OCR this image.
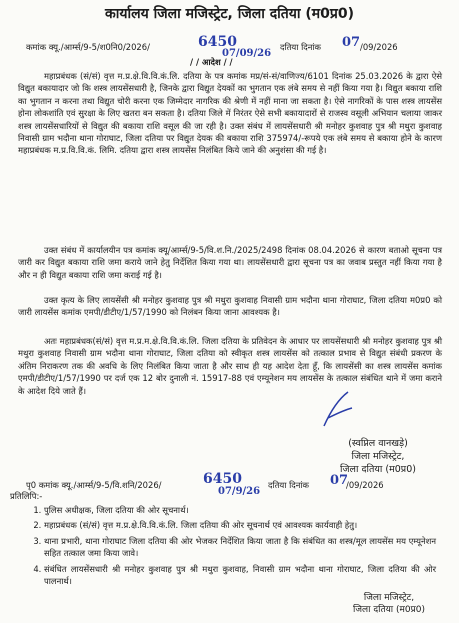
कार्यालय जिला मजिस्ट्रेट, जिला दतिया (म0प्र0)
कमांक क्यू./आर्म्स/9-5/श0नि0/2026/	6450
07/09/26
दतिया दिनांक 07 /09/2026
/ / आदेश / /
महाप्रबंधक (सं/सं) वृत्त म.प्र.क्षे.वि.वि.कं.लि. दतिया के पत्र कमांक मप्र/सं-सं/वाणिज्य/6101 दिनांक 25.03.2026 के द्वारा ऐसे विद्युत बकायादार जो कि शस्त्र लायसेंसधारी है, जिनके द्वारा विद्युत देयकों का भुगतान एक लंबे समय से नहीं किया गया है। विद्युत बकाया राशि का भुगतान न करना तथा विद्युत चोरी करना एक जिम्मेदार नागरिक की श्रेणी में नहीं माना जा सकता है। ऐसे नागरिकों के पास शस्त्र लायसेंस होना लोकशांति एवं सुरक्षा के लिए खतरा बन सकता है। दतिया जिले में निरंतर ऐसे सभी बकायादारों से राजस्व वसूली अभियान चलाया जाकर शस्त्र लायसेंसधारियों से विद्युत की बकाया राशि वसूल की जा रही है। उक्त संबंध में लायसेंसधारी श्री मनोहर कुशवाह पुत्र श्री मथुरा कुशवाह निवासी ग्राम भदौना थाना गोराघाट, जिला दतिया पर विद्युत देयक की बकाया राशि 375974/-रूपये एक लंबे समय से बकाया होने के कारण महाप्रबंधक म.प्र.वि.वि.कं. लिमि. दतिया द्वारा शस्त्र लायसेंस निलंबित किये जाने की अनुशंसा की गई है।
उक्त संबंध में कार्यालयीन पत्र कमांक क्यू/आर्म्स/9-5/वि.श.नि./2025/2498 दिनांक 08.04.2026 से कारण बताओ सूचना पत्र जारी कर विद्युत बकाया राशि जमा कराये जाने हेतु निर्देशित किया गया था। लायसेंसधारी द्वारा सूचना पत्र का जवाब प्रस्तुत नहीं किया गया है और न ही विद्युत बकाया राशि जमा कराई गई है।
उक्त कृत्य के लिए लायसेंसी श्री मनोहर कुशवाह पुत्र श्री मथुरा कुशवाह निवासी ग्राम भदौना थाना गोराघाट, जिला दतिया म0प्र0 को जारी लायसेंस कमांक एमपी/डीटीए/1/57/1990 को निलंबन किया जाना आवश्यक है।
अतः महाप्रबंधक(सं/सं) वृत्त म.प्र.म.क्षे.वि.वि.कं.लि. जिला दतिया के प्रतिवेदन के आधार पर लायसेंसधारी श्री मनोहर कुशवाह पुत्र श्री मथुरा कुशवाह निवासी ग्राम भदौना थाना गोराघाट, जिला दतिया को स्वीकृत शस्त्र लायसेंस को तत्काल प्रभाव से विद्युत संबंधी प्रकरण के अंतिम निराकरण तक की अवधि के लिए निलंबित किया जाता है और साथ ही यह आदेश देता हूँ, कि लायसेंसी का शस्त्र लायसेंस कमांक एमपी/डीटीए/1/57/1990 पर दर्ज एक 12 बोर दुनाली नं. 15917-88 एवं एम्यूनेशन मय लायसेंस के तत्काल संबंधित थाने में जमा कराने के आदेश दिये जाते हैं।
(स्वप्निल वानखड़े)
जिला मजिस्ट्रेट,
जिला दतिया (म0प्र0)
पृ0 कमांक क्यू./आर्म्स/9-5/वि.शनि/2026/	6450
07/9/26
दतिया दिनांक 07
/09/2026
प्रतिलिपि:-
1. पुलिस अधीक्षक, जिला दतिया की ओर सूचनार्थ।
2. महाप्रबंधक (सं/सं) वृत्त म.प्र.क्षे.वि.वि.कं.लि. जिला दतिया की ओर सूचनार्थ एवं आवश्यक कार्यवाही हेतु।
3. थाना प्रभारी, थाना गोराघाट जिला दतिया की ओर भेजकर निर्देशित किया जाता है कि संबंधित का शस्त्र/मूल लायसेंस मय एम्यूनेशन सहित तत्काल जमा किया जावे।
4. संबंधित लायसेंसधारी श्री मनोहर कुशवाह पुत्र श्री मथुरा कुशवाह, निवासी ग्राम भदौना थाना गोराघाट, जिला दतिया की ओर पालनार्थ।
जिला मजिस्ट्रेट,
जिला दतिया (म0प्र0)
